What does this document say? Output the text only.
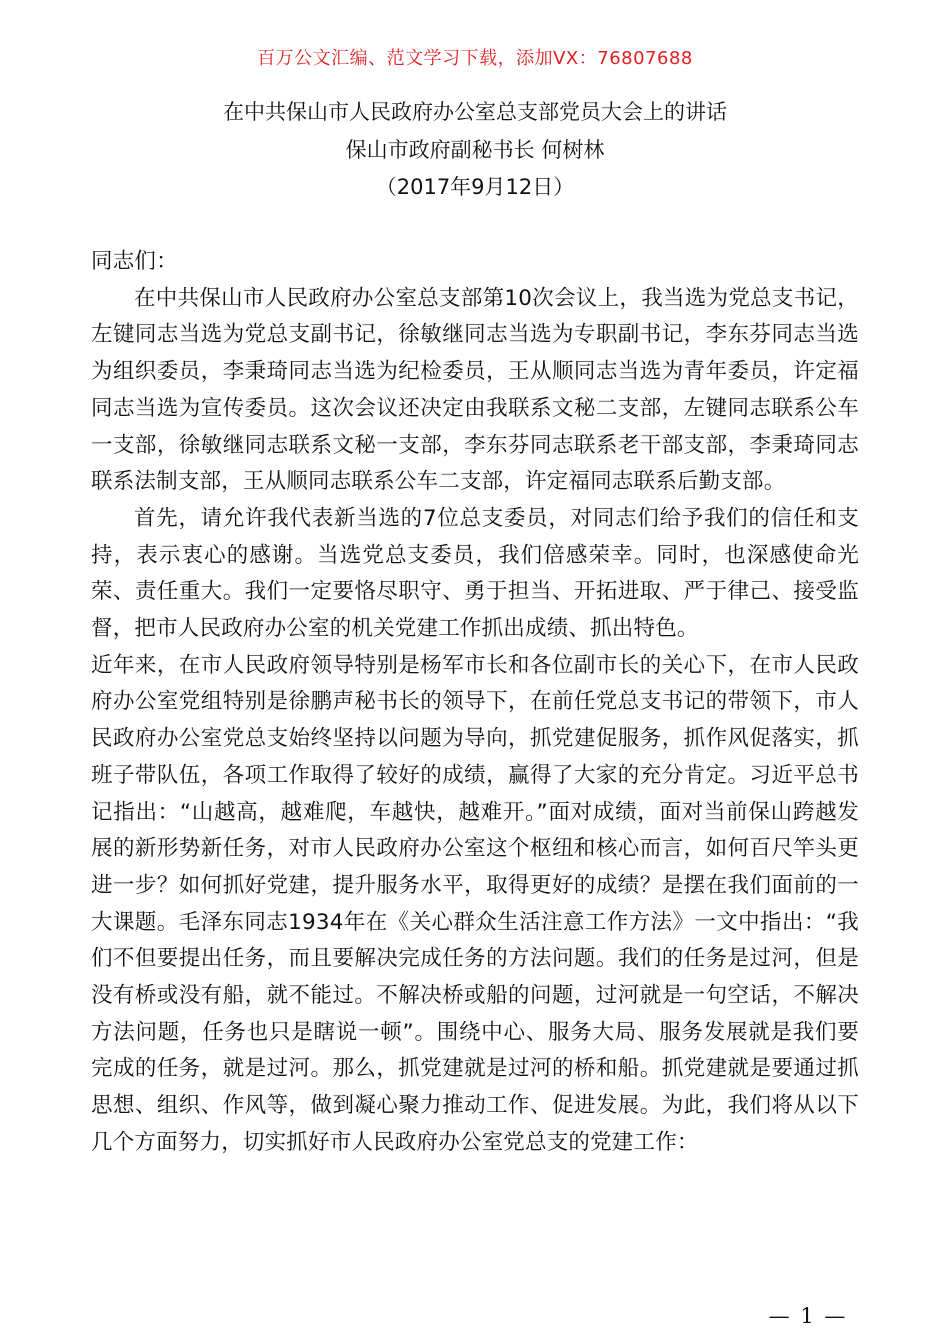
百万公文汇编、范文学习下载，添加VX：76807688
在中共保山市人民政府办公室总支部党员大会上的讲话
保山市政府副秘书长 何树林
（2017年9月12日）

同志们：

在中共保山市人民政府办公室总支部第10次会议上，我当选为党总支书记，左键同志当选为党总支副书记，徐敏继同志当选为专职副书记，李东芬同志当选为组织委员，李秉琦同志当选为纪检委员，王从顺同志当选为青年委员，许定福同志当选为宣传委员。这次会议还决定由我联系文秘二支部，左键同志联系公车一支部，徐敏继同志联系文秘一支部，李东芬同志联系老干部支部，李秉琦同志联系法制支部，王从顺同志联系公车二支部，许定福同志联系后勤支部。

首先，请允许我代表新当选的7位总支委员，对同志们给予我们的信任和支持，表示衷心的感谢。当选党总支委员，我们倍感荣幸。同时，也深感使命光荣、责任重大。我们一定要恪尽职守、勇于担当、开拓进取、严于律己、接受监督，把市人民政府办公室的机关党建工作抓出成绩、抓出特色。

近年来，在市人民政府领导特别是杨军市长和各位副市长的关心下，在市人民政府办公室党组特别是徐鹏声秘书长的领导下，在前任党总支书记的带领下，市人民政府办公室党总支始终坚持以问题为导向，抓党建促服务，抓作风促落实，抓班子带队伍，各项工作取得了较好的成绩，赢得了大家的充分肯定。习近平总书记指出：“山越高，越难爬，车越快，越难开。”面对成绩，面对当前保山跨越发展的新形势新任务，对市人民政府办公室这个枢纽和核心而言，如何百尺竿头更进一步？如何抓好党建，提升服务水平，取得更好的成绩？是摆在我们面前的一大课题。毛泽东同志1934年在《关心群众生活注意工作方法》一文中指出：“我们不但要提出任务，而且要解决完成任务的方法问题。我们的任务是过河，但是没有桥或没有船，就不能过。不解决桥或船的问题，过河就是一句空话，不解决方法问题，任务也只是瞎说一顿”。围绕中心、服务大局、服务发展就是我们要完成的任务，就是过河。那么，抓党建就是过河的桥和船。抓党建就是要通过抓思想、组织、作风等，做到凝心聚力推动工作、促进发展。为此，我们将从以下几个方面努力，切实抓好市人民政府办公室党总支的党建工作：

— 1 —
